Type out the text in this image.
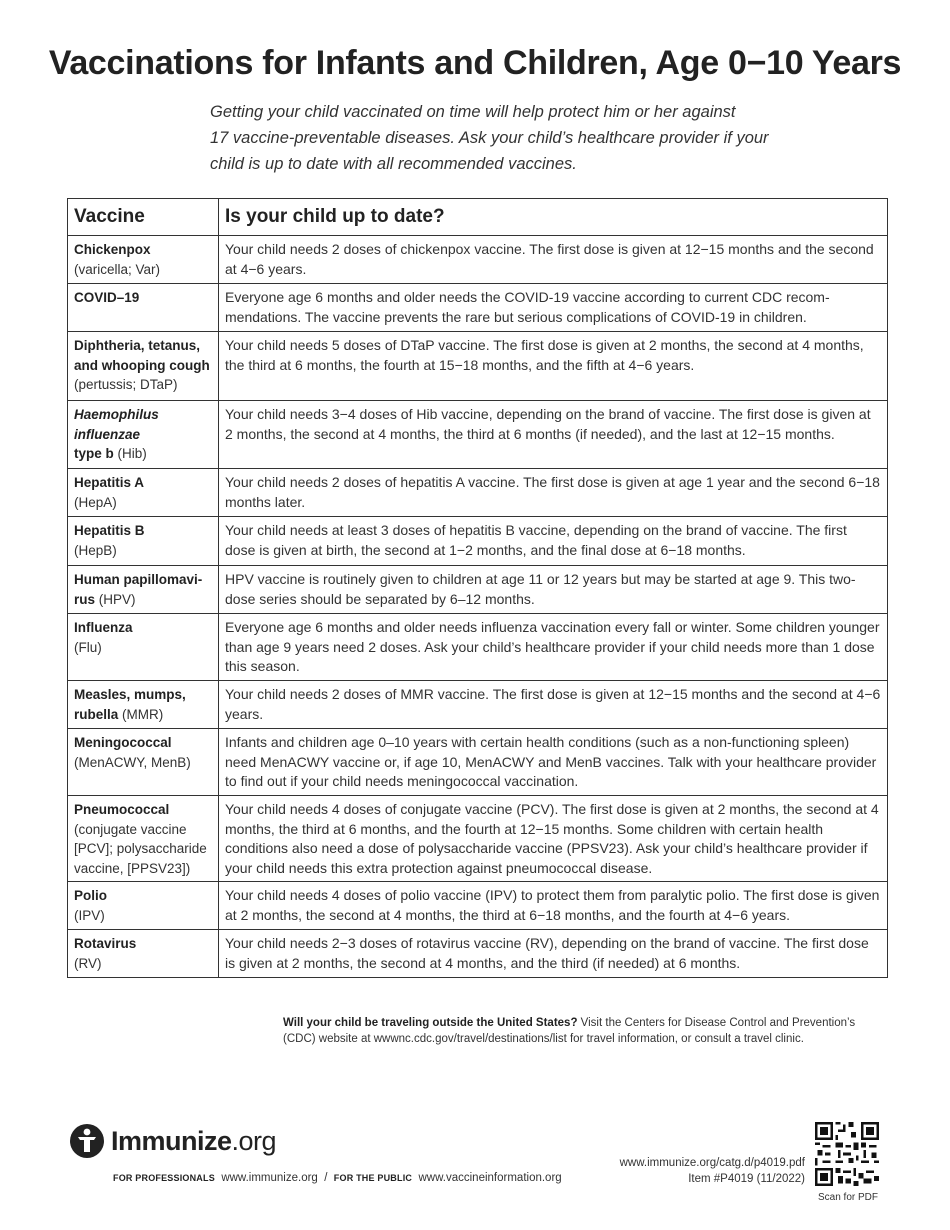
Vaccinations for Infants and Children, Age 0−10 Years
Getting your child vaccinated on time will help protect him or her against
17 vaccine-preventable diseases. Ask your child’s healthcare provider if your
child is up to date with all recommended vaccines.
Vaccine	Is your child up to date?
Chickenpox
(varicella; Var)	Your child needs 2 doses of chickenpox vaccine. The first dose is given at 12−15 months and the second at 4−6 years.
COVID–19	Everyone age 6 months and older needs the COVID-19 vaccine according to current CDC recommendations. The vaccine prevents the rare but serious complications of COVID-19 in children.
Diphtheria, tetanus, and whooping cough
(pertussis; DTaP)	Your child needs 5 doses of DTaP vaccine. The first dose is given at 2 months, the second at 4 months, the third at 6 months, the fourth at 15−18 months, and the fifth at 4−6 years.
Haemophilus influenzae
type b (Hib)	Your child needs 3−4 doses of Hib vaccine, depending on the brand of vaccine. The first dose is given at 2 months, the second at 4 months, the third at 6 months (if needed), and the last at 12−15 months.
Hepatitis A
(HepA)	Your child needs 2 doses of hepatitis A vaccine. The first dose is given at age 1 year and the second 6−18 months later.
Hepatitis B
(HepB)	Your child needs at least 3 doses of hepatitis B vaccine, depending on the brand of vaccine. The first dose is given at birth, the second at 1−2 months, and the final dose at 6−18 months.
Human papillomavirus (HPV)	HPV vaccine is routinely given to children at age 11 or 12 years but may be started at age 9. This two-dose series should be separated by 6–12 months.
Influenza
(Flu)	Everyone age 6 months and older needs influenza vaccination every fall or winter. Some children younger than age 9 years need 2 doses. Ask your child’s healthcare provider if your child needs more than 1 dose this season.
Measles, mumps, rubella (MMR)	Your child needs 2 doses of MMR vaccine. The first dose is given at 12−15 months and the second at 4−6 years.
Meningococcal
(MenACWY, MenB)	Infants and children age 0–10 years with certain health conditions (such as a non-functioning spleen) need MenACWY vaccine or, if age 10, MenACWY and MenB vaccines. Talk with your healthcare provider to find out if your child needs meningococcal vaccination.
Pneumococcal
(conjugate vaccine [PCV]; polysaccharide vaccine, [PPSV23])	Your child needs 4 doses of conjugate vaccine (PCV). The first dose is given at 2 months, the second at 4 months, the third at 6 months, and the fourth at 12−15 months. Some children with certain health conditions also need a dose of polysaccharide vaccine (PPSV23). Ask your child’s healthcare provider if your child needs this extra protection against pneumococcal disease.
Polio
(IPV)	Your child needs 4 doses of polio vaccine (IPV) to protect them from paralytic polio. The first dose is given at 2 months, the second at 4 months, the third at 6−18 months, and the fourth at 4−6 years.
Rotavirus
(RV)	Your child needs 2−3 doses of rotavirus vaccine (RV), depending on the brand of vaccine. The first dose is given at 2 months, the second at 4 months, and the third (if needed) at 6 months.
Will your child be traveling outside the United States? Visit the Centers for Disease Control and Prevention’s (CDC) website at wwwnc.cdc.gov/travel/destinations/list for travel information, or consult a travel clinic.
Immunize.org
FOR PROFESSIONALS www.immunize.org / FOR THE PUBLIC www.vaccineinformation.org
www.immunize.org/catg.d/p4019.pdf
Item #P4019 (11/2022)
Scan for PDF
